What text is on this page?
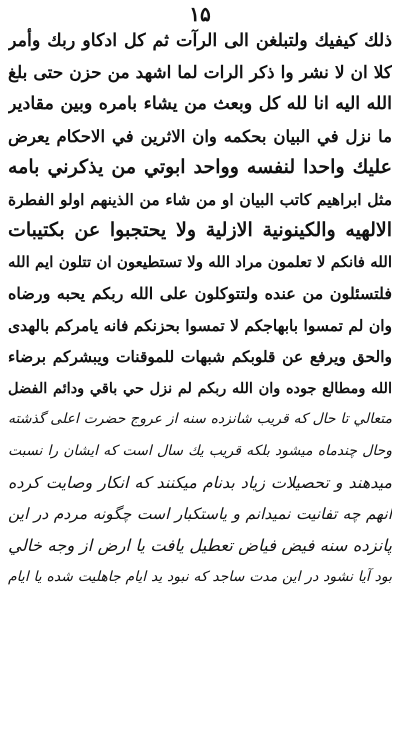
۱۵
ذلك كيفيك ولتبلغن الى الرآت ثم كل ادكاو ربك وأمر
كلا ان لا نشر وا ذكر الرات لما اشهد من حزن حتى بلغ
الله اليه انا لله كل وبعث من يشاء بامره وبين مقادير
ما نزل في البيان بحكمه وان الاثرين في الاحكام يعرض
عليك واحدا لنفسه وواحد ابوتي من يذكرني بامه
مثل ابراهيم كاتب البيان او من شاء من الذينهم اولو الفطرة
الالهيه والكينونية الازلية ولا يحتجبوا عن بكتيبات
الله فانكم لا تعلمون مراد الله ولا تستطيعون ان تتلون ايم الله
فلتسئلون من عنده ولتتوكلون على الله ربكم يحبه ورضاه
وان لم تمسوا بابهاجكم لا تمسوا بحزنكم فانه يامركم بالهدى
والحق ويرفع عن قلوبكم شبهات للموقنات ويبشركم برضاء
الله ومطالع جوده وان الله ربكم لم نزل حي باقي ودائم الفضل
متعالي تا حال كه قريب شانزده سنه از عروج حضرت اعلى گذشته
وحال چندماه ميشود بلكه قريب يك سال است كه ايشان را نسبت
ميدهند و تحصيلات زياد بدنام ميكنند كه انكار وصايت كرده
انهم چه تفانيت نميدانم و ياستكبار است چگونه مردم در اين
پانزده سنه فيض فياض تعطيل يافت يا ارض از وجه خالي
بود آيا نشود در اين مدت ساجد كه نبود يد ايام جاهليت شده يا ايام
